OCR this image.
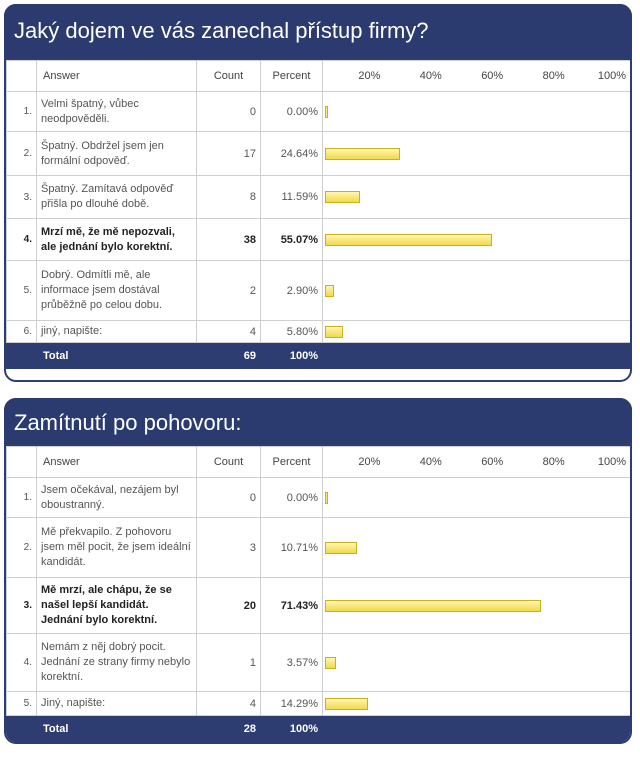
Jaký dojem ve vás zanechal přístup firmy?
	Answer	Count	Percent	20% 40% 60% 80% 100%

1.	Velmi špatný, vůbec neodpověděli.	0	0.00%	

2.	Špatný. Obdržel jsem jen formální odpověď.	17	24.64%	

3.	Špatný. Zamítavá odpověď přišla po dlouhé době.	8	11.59%	

4.	Mrzí mě, že mě nepozvali, ale jednání bylo korektní.	38	55.07%	

5.	Dobrý. Odmítli mě, ale informace jsem dostával průběžně po celou dobu.	2	2.90%	

6.	jiný, napište:	4	5.80%	

	Total	69	100%	
Zamítnutí po pohovoru:
	Answer	Count	Percent	20% 40% 60% 80% 100%

1.	Jsem očekával, nezájem byl oboustranný.	0	0.00%	

2.	Mě překvapilo. Z pohovoru jsem měl pocit, že jsem ideální kandidát.	3	10.71%	

3.	Mě mrzí, ale chápu, že se našel lepší kandidát. Jednání bylo korektní.	20	71.43%	

4.	Nemám z něj dobrý pocit. Jednání ze strany firmy nebylo korektní.	1	3.57%	

5.	Jiný, napište:	4	14.29%	

	Total	28	100%	
